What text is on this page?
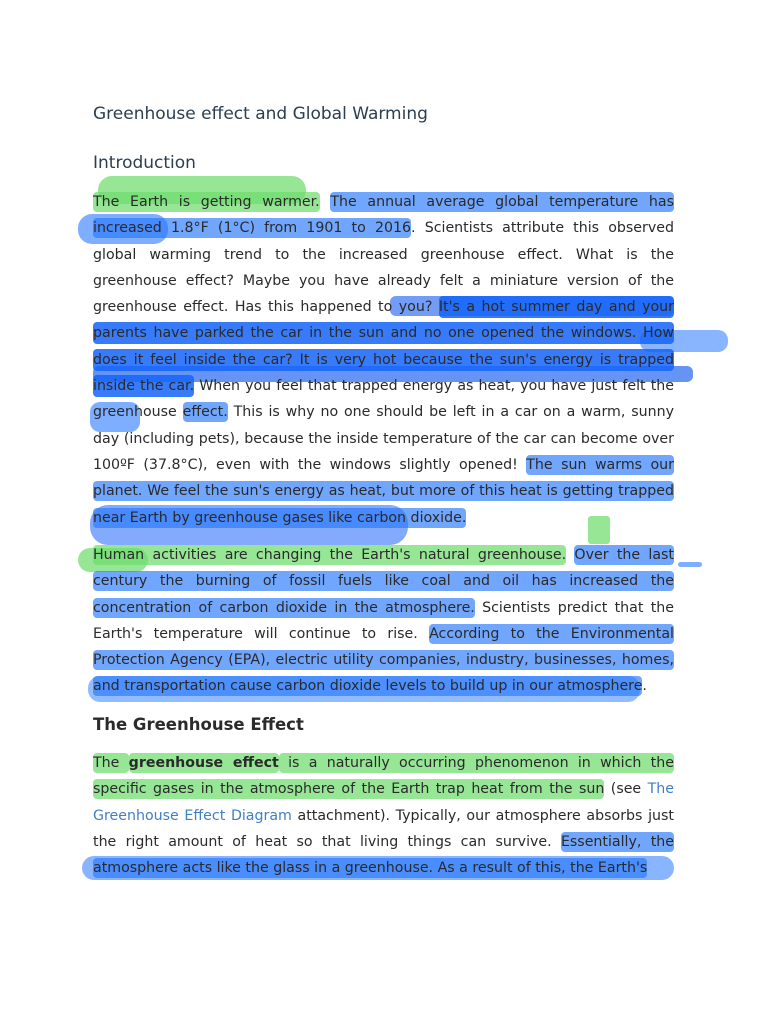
Greenhouse effect and Global Warming
Introduction

The Earth is getting warmer. The annual average global temperature has increased 1.8°F (1°C) from 1901 to 2016. Scientists attribute this observed global warming trend to the increased greenhouse effect. What is the greenhouse effect? Maybe you have already felt a miniature version of the greenhouse effect. Has this happened to you? It's a hot summer day and your parents have parked the car in the sun and no one opened the windows. How does it feel inside the car? It is very hot because the sun's energy is trapped inside the car. When you feel that trapped energy as heat, you have just felt the greenhouse effect. This is why no one should be left in a car on a warm, sunny day (including pets), because the inside temperature of the car can become over 100ºF (37.8°C), even with the windows slightly opened! The sun warms our planet. We feel the sun's energy as heat, but more of this heat is getting trapped near Earth by greenhouse gases like carbon dioxide.

Human activities are changing the Earth's natural greenhouse. Over the last century the burning of fossil fuels like coal and oil has increased the concentration of carbon dioxide in the atmosphere. Scientists predict that the Earth's temperature will continue to rise. According to the Environmental Protection Agency (EPA), electric utility companies, industry, businesses, homes, and transportation cause carbon dioxide levels to build up in our atmosphere.

The Greenhouse Effect

The greenhouse effect is a naturally occurring phenomenon in which the specific gases in the atmosphere of the Earth trap heat from the sun (see The Greenhouse Effect Diagram attachment). Typically, our atmosphere absorbs just the right amount of heat so that living things can survive. Essentially, the atmosphere acts like the glass in a greenhouse. As a result of this, the Earth's
